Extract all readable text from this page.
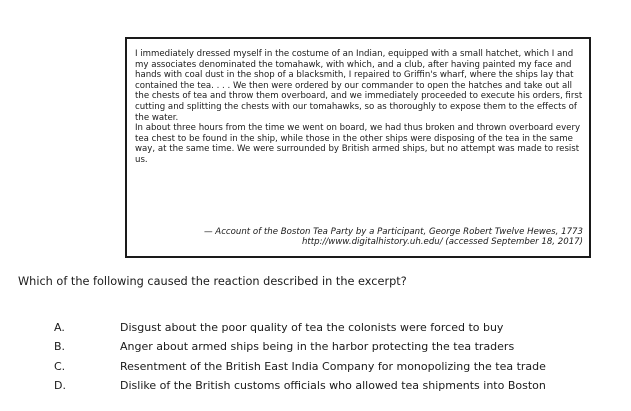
I immediately dressed myself in the costume of an Indian, equipped with a small hatchet, which I and my associates denominated the tomahawk, with which, and a club, after having painted my face and hands with coal dust in the shop of a blacksmith, I repaired to Griffin's wharf, where the ships lay that contained the tea. . . . We then were ordered by our commander to open the hatches and take out all the chests of tea and throw them overboard, and we immediately proceeded to execute his orders, first cutting and splitting the chests with our tomahawks, so as thoroughly to expose them to the effects of the water.

In about three hours from the time we went on board, we had thus broken and thrown overboard every tea chest to be found in the ship, while those in the other ships were disposing of the tea in the same way, at the same time. We were surrounded by British armed ships, but no attempt was made to resist us.

— Account of the Boston Tea Party by a Participant, George Robert Twelve Hewes, 1773
http://www.digitalhistory.uh.edu/ (accessed September 18, 2017)

Which of the following caused the reaction described in the excerpt?

A.	Disgust about the poor quality of tea the colonists were forced to buy
B.	Anger about armed ships being in the harbor protecting the tea traders
C.	Resentment of the British East India Company for monopolizing the tea trade
D.	Dislike of the British customs officials who allowed tea shipments into Boston
